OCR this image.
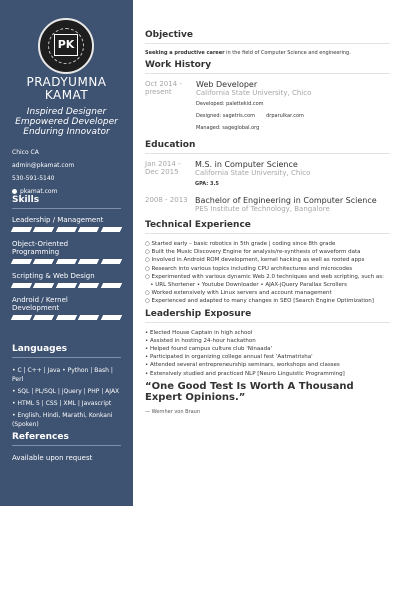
PK
PRADYUMNA
KAMAT
Inspired Designer
Empowered Developer
Enduring Innovator
Chico CA
admin@pkamat.com
530-591-5140
pkamat.com
Skills
Leadership / Management
Object-Oriented Programming
Scripting & Web Design
Android / Kernel Development
Languages
• C | C++ | Java • Python | Bash | Perl
• SQL | PL/SQL | jQuery | PHP | AJAX
• HTML 5 | CSS | XML | Javascript
• English, Hindi, Marathi, Konkani (Spoken)
References
Available upon request
Objective
Seeking a productive career in the field of Computer Science and engineering.
Work History
Oct 2014 - present
Web Developer
California State University, Chico
Developed: palettekid.com
Designed: sagetris.com       drparulkar.com
Managed: sageglobal.org
Education
Jan 2014 - Dec 2015
M.S. in Computer Science
California State University, Chico
GPA: 3.5
2008 - 2013 Bachelor of Engineering in Computer Science
PES Institute of Technology, Bangalore
Technical Experience
○ Started early – basic robotics in 5th grade | coding since 8th grade
○ Built the Music Discovery Engine for analysis/re-synthesis of waveform data
○ Involved in Android ROM development, kernel hacking as well as rooted apps
○ Research into various topics including CPU architectures and microcodes
○ Experimented with various dynamic Web 2.0 techniques and web scripting, such as:
• URL Shortener • Youtube Downloader • AJAX-jQuery Parallax Scrollers
○ Worked extensively with Linux servers and account management
○ Experienced and adapted to many changes in SEO [Search Engine Optimization]
Leadership Exposure
• Elected House Captain in high school
• Assisted in hosting 24-hour hackathon
• Helped found campus culture club 'Ninaada'
• Participated in organizing college annual fest 'Aatmatrisha'
• Attended several entrepreneurship seminars, workshops and classes
• Extensively studied and practiced NLP [Neuro Linguistic Programming]
“One Good Test Is Worth A Thousand Expert Opinions.”
— Wernher von Braun
